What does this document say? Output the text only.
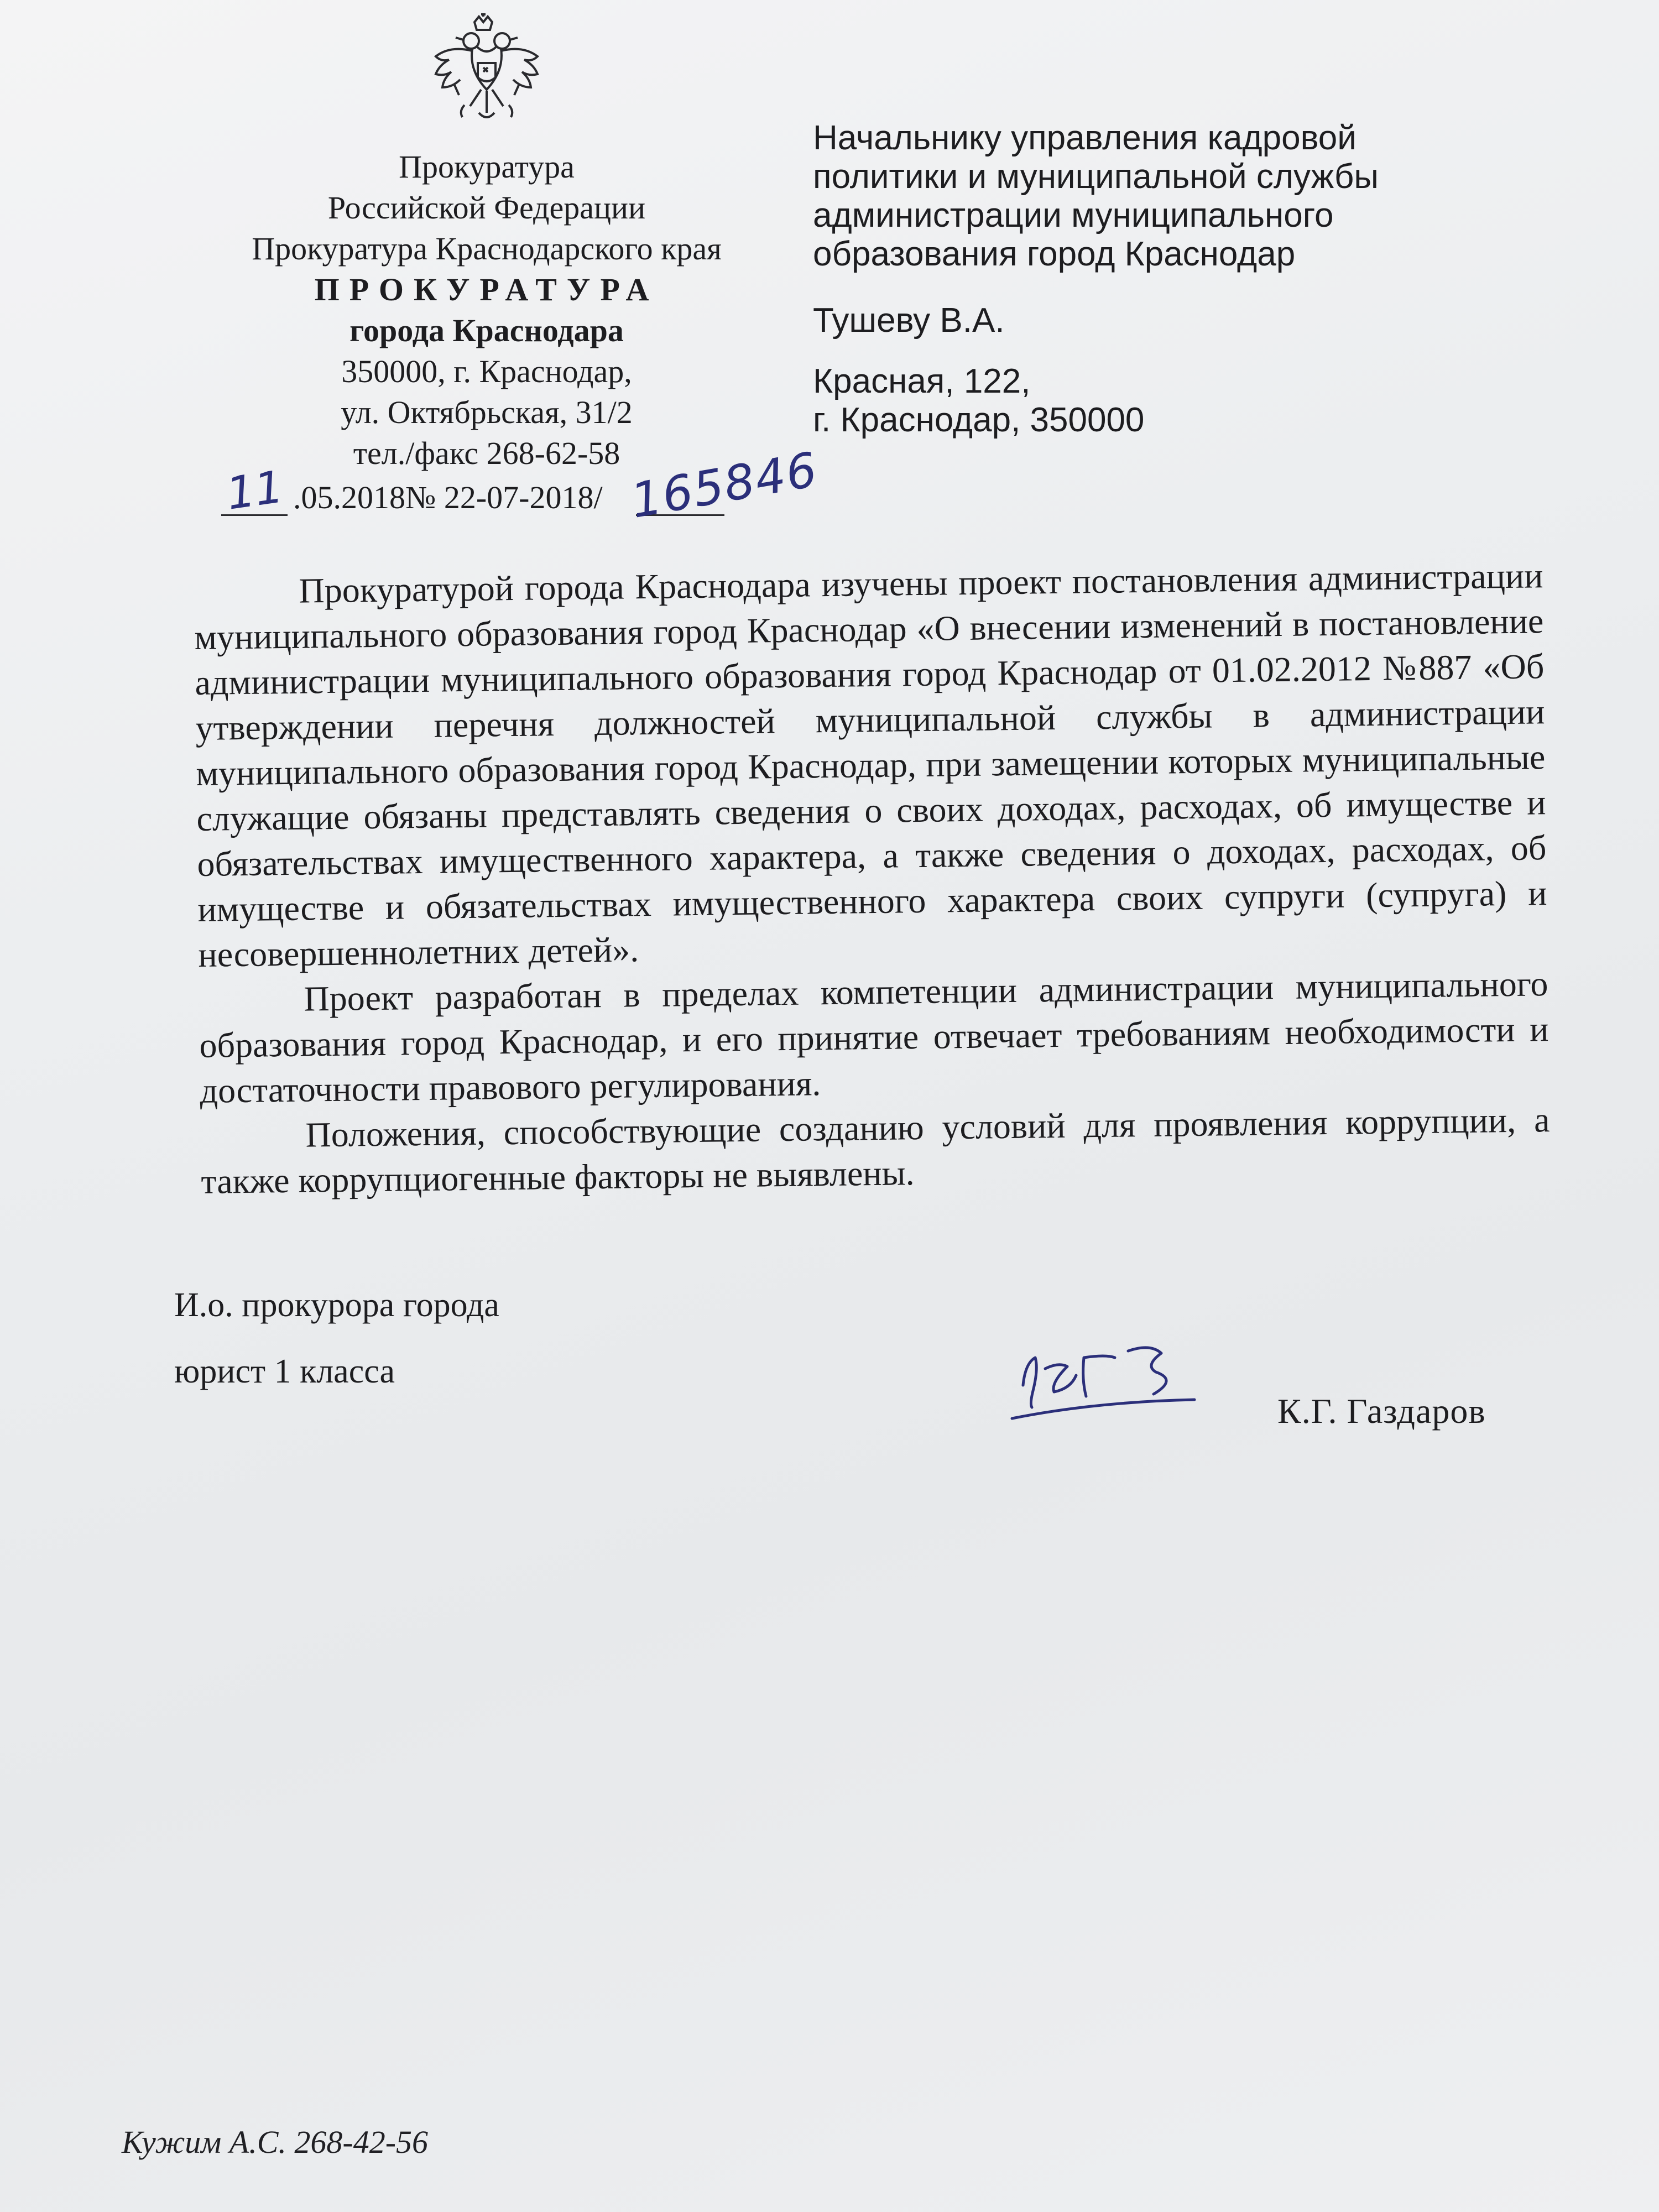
Прокуратура
Российской Федерации
Прокуратура Краснодарского края
ПРОКУРАТУРА
города Краснодара
350000, г. Краснодар,
ул. Октябрьская, 31/2
тел./факс 268-62-58
11 .05.2018№ 22-07-2018/ 165846
Начальнику управления кадровой
политики и муниципальной службы
администрации муниципального
образования город Краснодар
Тушеву В.А.
Красная, 122,
г. Краснодар, 350000

Прокуратурой города Краснодара изучены проект постановления администрации муниципального образования город Краснодар «О внесении изменений в постановление администрации муниципального образования город Краснодар от 01.02.2012 №887 «Об утверждении перечня должностей муниципальной службы в администрации муниципального образования город Краснодар, при замещении которых муниципальные служащие обязаны представлять сведения о своих доходах, расходах, об имуществе и обязательствах имущественного характера, а также сведения о доходах, расходах, об имуществе и обязательствах имущественного характера своих супруги (супруга) и несовершеннолетних детей».

Проект разработан в пределах компетенции администрации муниципального образования город Краснодар, и его принятие отвечает требованиям необходимости и достаточности правового регулирования.

Положения, способствующие созданию условий для проявления коррупции, а также коррупциогенные факторы не выявлены.

И.о. прокурора города
юрист 1 класса
К.Г. Газдаров
Кужим А.С. 268-42-56
